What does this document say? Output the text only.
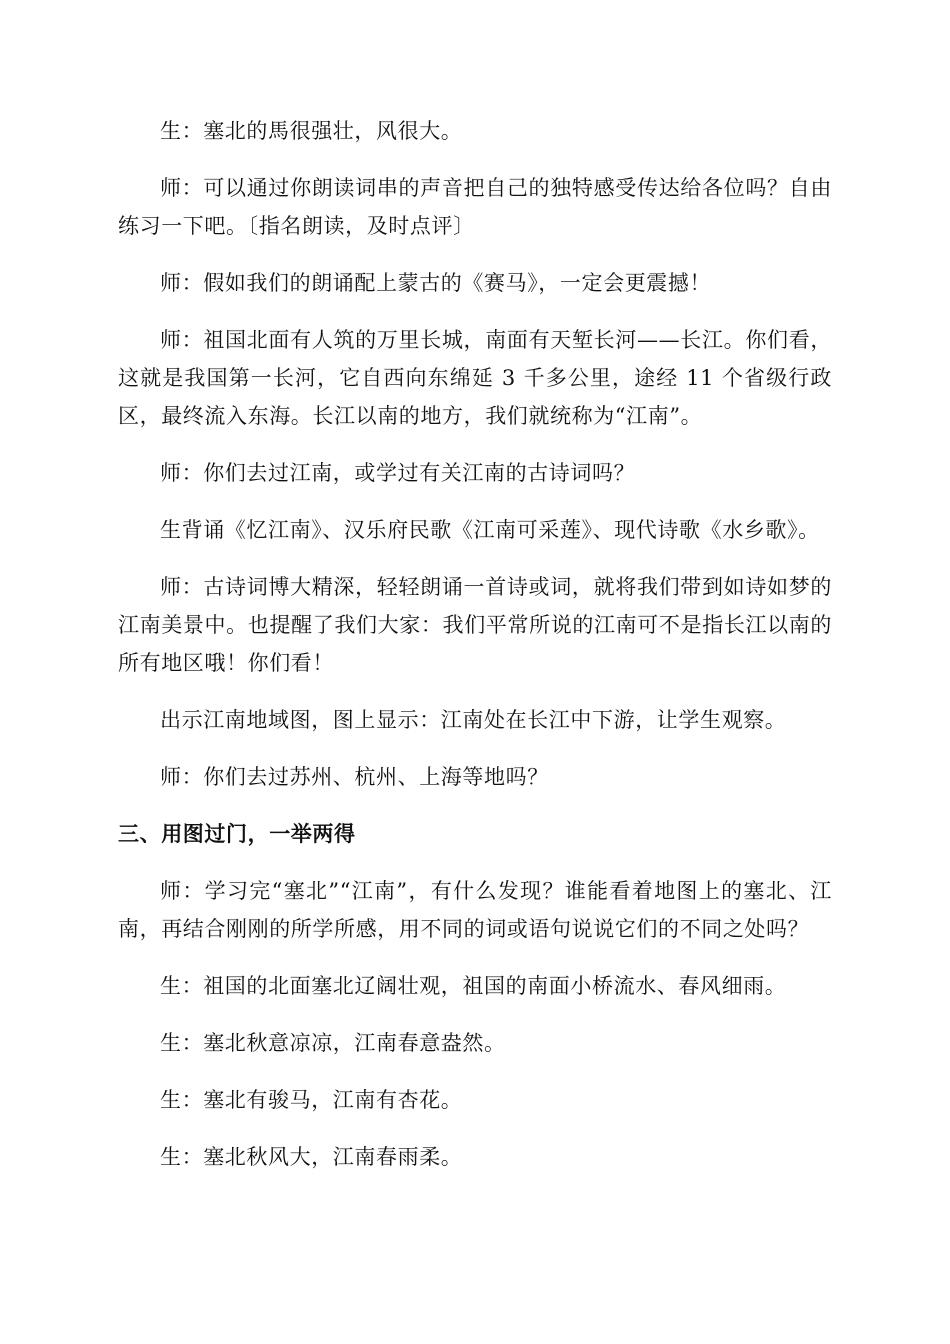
生：塞北的馬很强壮，风很大。

师：可以通过你朗读词串的声音把自己的独特感受传达给各位吗？自由练习一下吧。〔指名朗读，及时点评〕

师：假如我们的朗诵配上蒙古的《赛马》，一定会更震撼！

师：祖国北面有人筑的万里长城，南面有天堑长河——长江。你们看，这就是我国第一长河，它自西向东绵延 3 千多公里，途经 11 个省级行政区，最终流入东海。长江以南的地方，我们就统称为“江南”。

师：你们去过江南，或学过有关江南的古诗词吗？

生背诵《忆江南》、汉乐府民歌《江南可采莲》、现代诗歌《水乡歌》。

师：古诗词博大精深，轻轻朗诵一首诗或词，就将我们带到如诗如梦的江南美景中。也提醒了我们大家：我们平常所说的江南可不是指长江以南的所有地区哦！你们看！

出示江南地域图，图上显示：江南处在长江中下游，让学生观察。

师：你们去过苏州、杭州、上海等地吗？

三、用图过门，一举两得

师：学习完“塞北”“江南”，有什么发现？谁能看着地图上的塞北、江南，再结合刚刚的所学所感，用不同的词或语句说说它们的不同之处吗？

生：祖国的北面塞北辽阔壮观，祖国的南面小桥流水、春风细雨。

生：塞北秋意凉凉，江南春意盎然。

生：塞北有骏马，江南有杏花。

生：塞北秋风大，江南春雨柔。
